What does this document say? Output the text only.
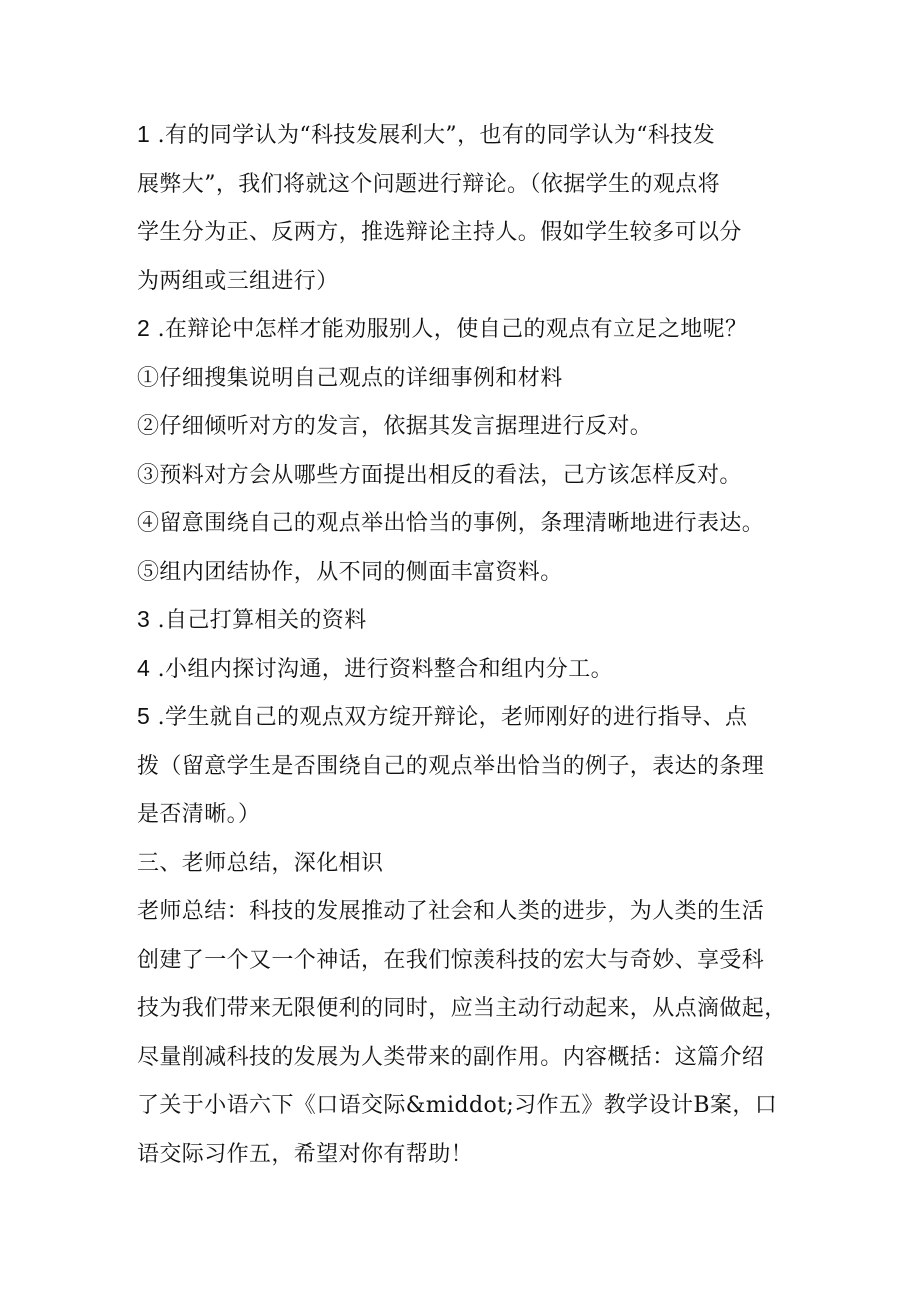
1 .有的同学认为“科技发展利大”，也有的同学认为“科技发
展弊大”，我们将就这个问题进行辩论。（依据学生的观点将
学生分为正、反两方，推选辩论主持人。假如学生较多可以分
为两组或三组进行）
2 .在辩论中怎样才能劝服别人，使自己的观点有立足之地呢？
①仔细搜集说明自己观点的详细事例和材料
②仔细倾听对方的发言，依据其发言据理进行反对。
③预料对方会从哪些方面提出相反的看法，己方该怎样反对。
④留意围绕自己的观点举出恰当的事例，条理清晰地进行表达。
⑤组内团结协作，从不同的侧面丰富资料。
3 .自己打算相关的资料
4 .小组内探讨沟通，进行资料整合和组内分工。
5 .学生就自己的观点双方绽开辩论，老师刚好的进行指导、点
拨（留意学生是否围绕自己的观点举出恰当的例子，表达的条理
是否清晰。）
三、老师总结，深化相识
老师总结：科技的发展推动了社会和人类的进步，为人类的生活
创建了一个又一个神话，在我们惊羡科技的宏大与奇妙、享受科
技为我们带来无限便利的同时，应当主动行动起来，从点滴做起，
尽量削减科技的发展为人类带来的副作用。内容概括：这篇介绍
了关于小语六下《口语交际&middot;习作五》教学设计B案，口
语交际习作五，希望对你有帮助！
